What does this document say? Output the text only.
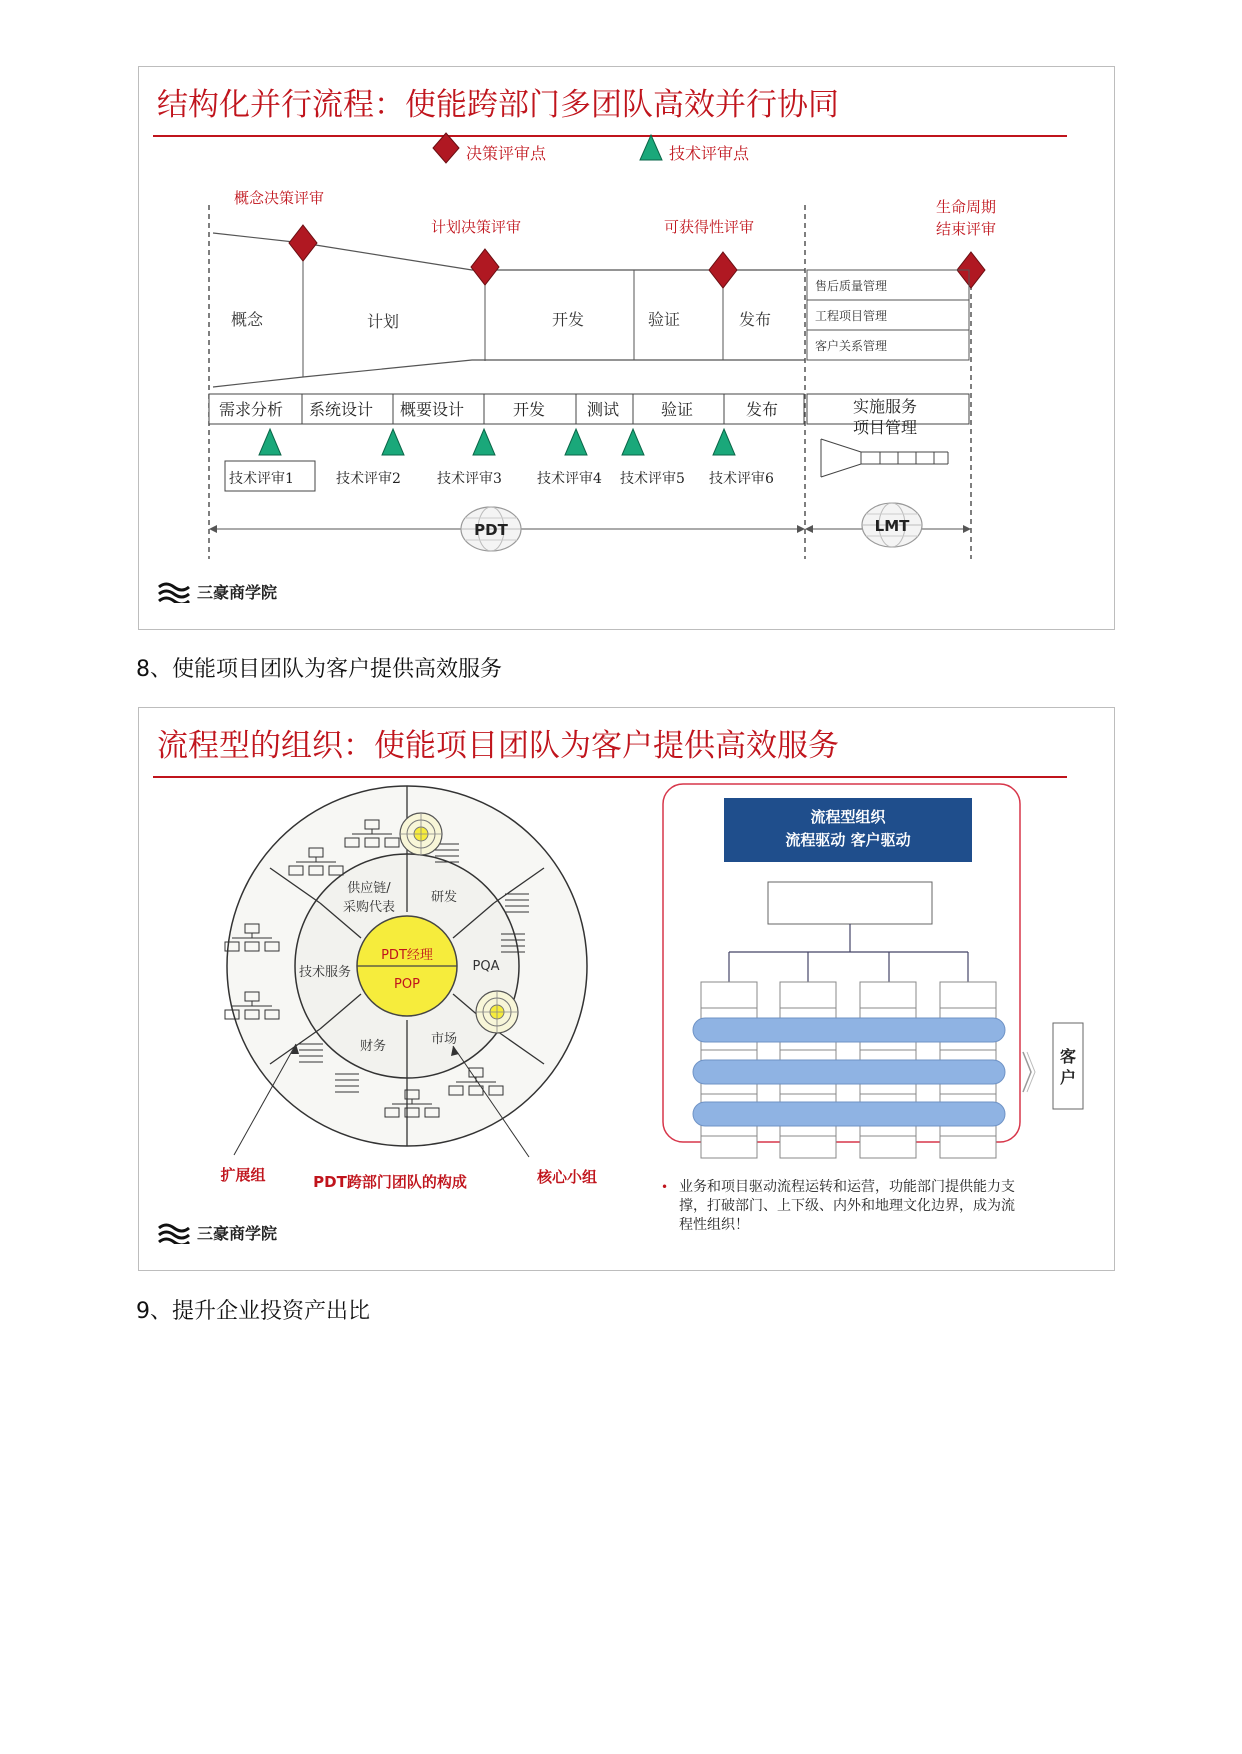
结构化并行流程：使能跨部门多团队高效并行协同
决策评审点	技术评审点
概念决策评审
计划决策评审	可获得性评审
生命周期
结束评审
概念	计划	开发	验证	发布
售后质量管理
工程项目管理
客户关系管理
需求分析 系统设计 概要设计	开发	测试	验证	发布
技术评审1	技术评审2	技术评审3	技术评审4 技术评审5 技术评审6
实施服务
项目管理
PDT	LMT
三豪商学院
8、使能项目团队为客户提供高效服务
流程型的组织：使能项目团队为客户提供高效服务
PDT经理
POP
供应链/
采购代表
研发
PQA
市场
财务
技术服务
扩展组	PDT跨部门团队的构成	核心小组
流程型组织
流程驱动 客户驱动
客
户
• 业务和项目驱动流程运转和运营，功能部门提供能力支
撑，打破部门、上下级、内外和地理文化边界，成为流
程性组织！
三豪商学院
9、提升企业投资产出比
